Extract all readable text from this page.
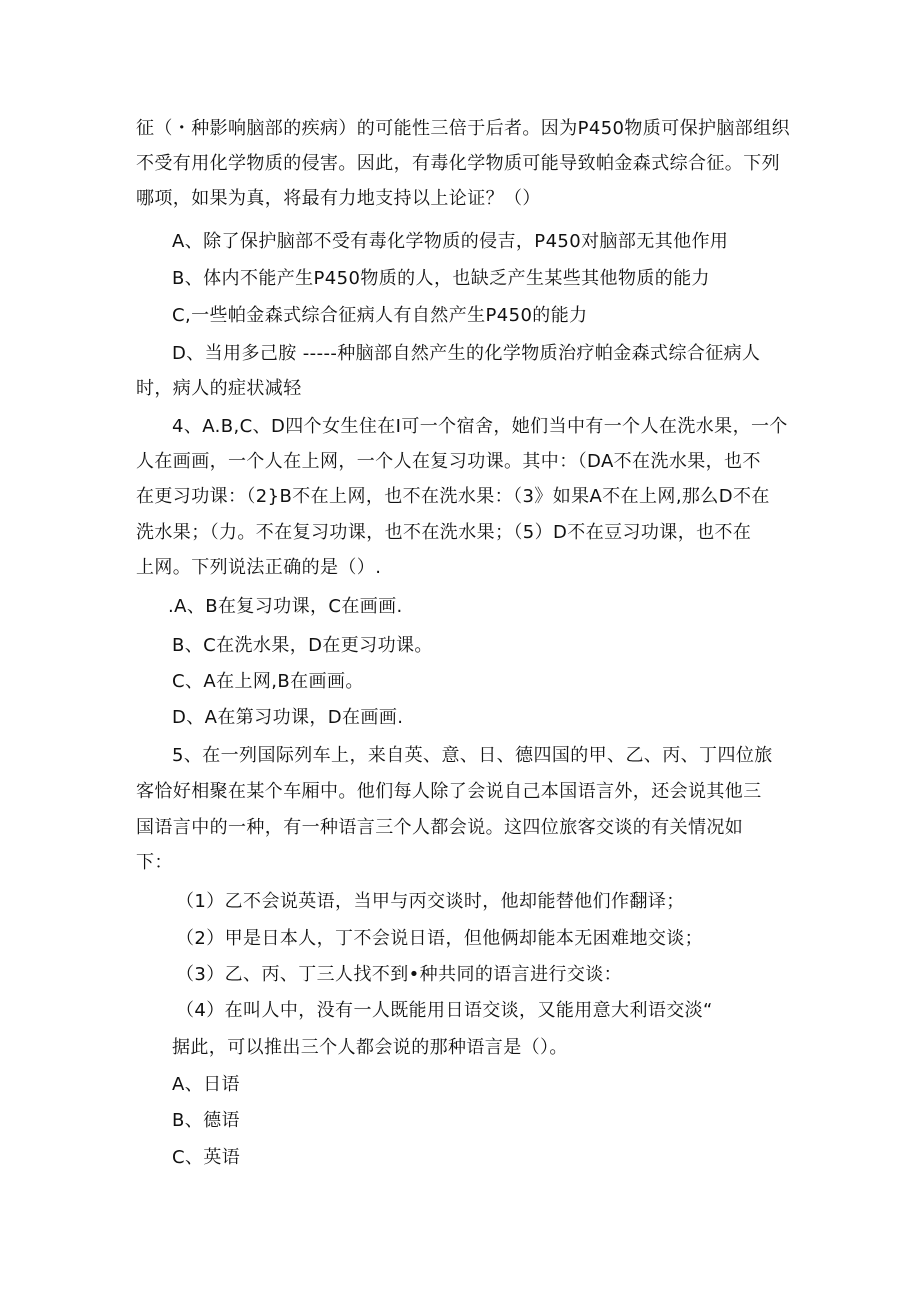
征（・种影响脑部的疾病）的可能性三倍于后者。因为P450物质可保护脑部组织
不受有用化学物质的侵害。因此，有毒化学物质可能导致帕金森式综合征。下列
哪项，如果为真，将最有力地支持以上论证？（）
A、除了保护脑部不受有毒化学物质的侵吉，P450对脑部无其他作用
B、体内不能产生P450物质的人，也缺乏产生某些其他物质的能力
C,一些帕金森式综合征病人有自然产生P450的能力
D、当用多己胺 -----种脑部自然产生的化学物质治疗帕金森式综合征病人
时，病人的症状减轻
4、A.B,C、D四个女生住在I可一个宿舍，她们当中有一个人在洗水果，一个
人在画画，一个人在上网，一个人在复习功课。其中：（DA不在洗水果，也不
在更习功课：（2}B不在上网，也不在洗水果：（3》如果A不在上网,那么D不在
洗水果；（力。不在复习功课，也不在洗水果；（5）D不在豆习功课，也不在
上网。下列说法正确的是（）.
.A、B在复习功课，C在画画.
B、C在洗水果，D在更习功课。
C、A在上网,B在画画。
D、A在第习功课，D在画画.
5、在一列国际列车上，来自英、意、日、德四国的甲、乙、丙、丁四位旅
客恰好相聚在某个车厢中。他们每人除了会说自己本国语言外，还会说其他三
国语言中的一种，有一种语言三个人都会说。这四位旅客交谈的有关情况如
下：
（1）乙不会说英语，当甲与丙交谈时，他却能替他们作翻译；
（2）甲是日本人，丁不会说日语，但他俩却能本无困难地交谈；
（3）乙、丙、丁三人找不到•种共同的语言进行交谈：
（4）在叫人中，没有一人既能用日语交谈，又能用意大利语交淡“
据此，可以推出三个人都会说的那种语言是（）。
A、日语
B、德语
C、英语
